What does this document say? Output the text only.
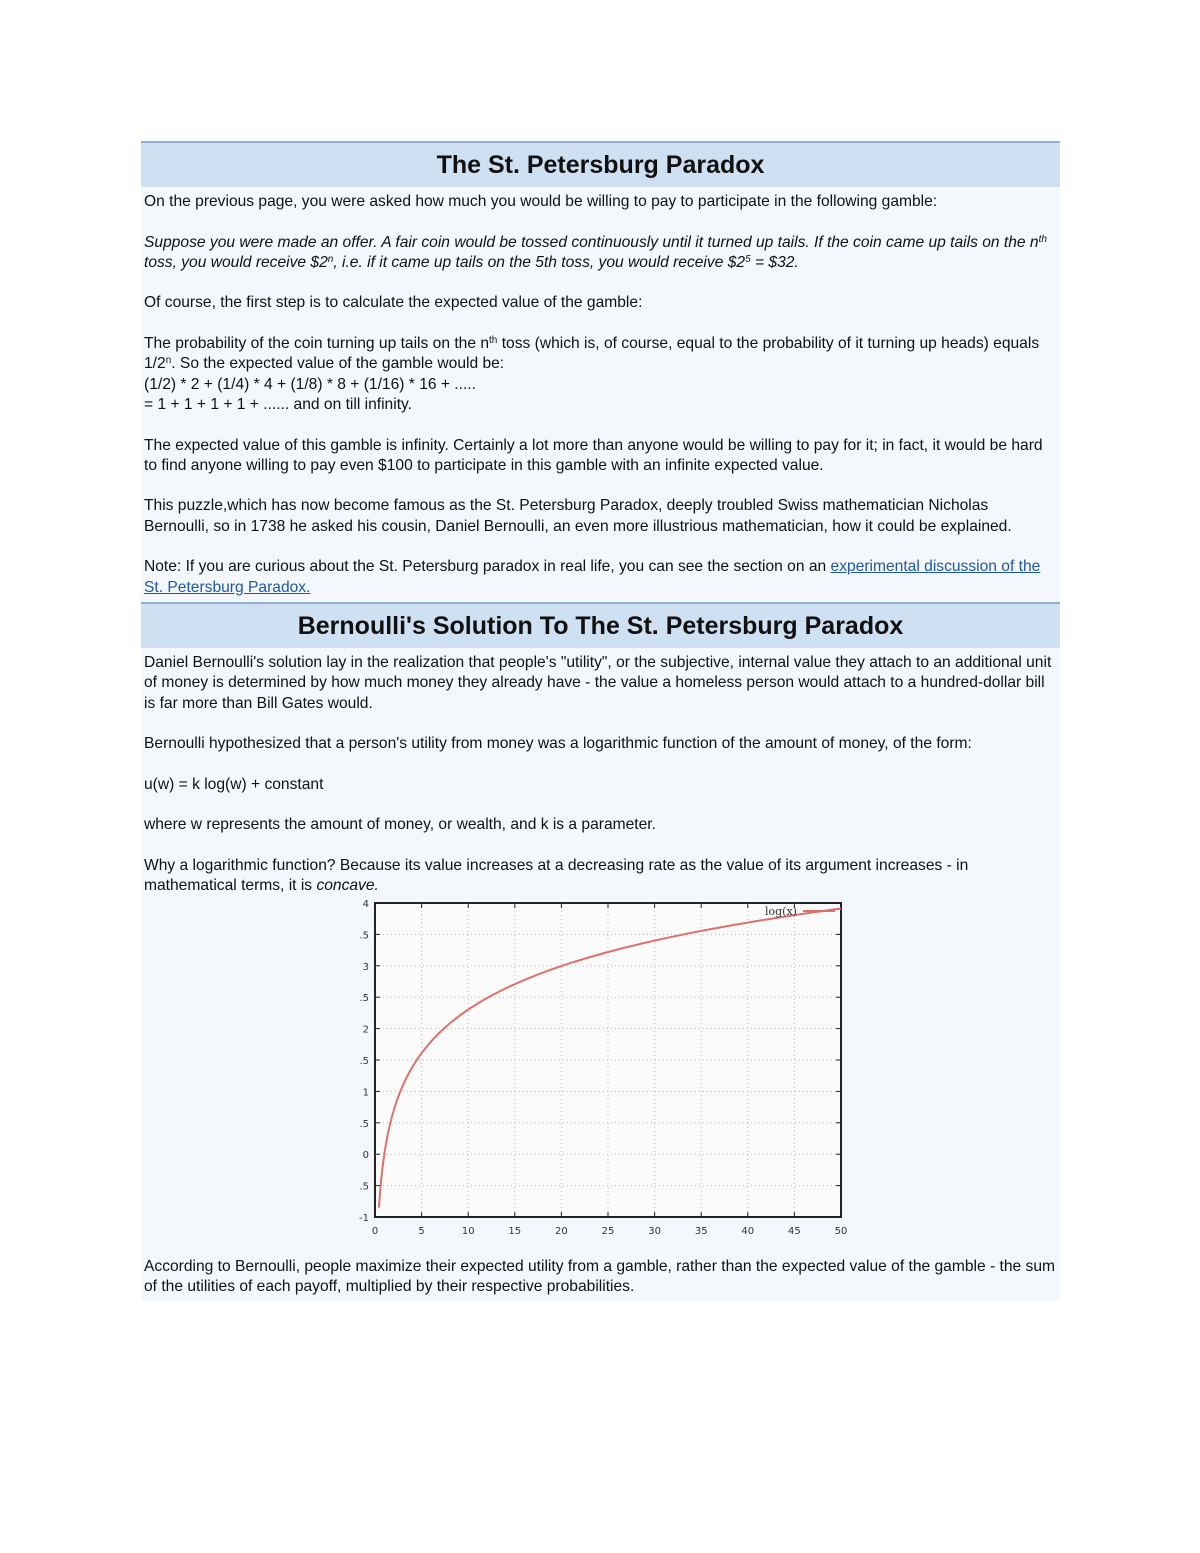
The St. Petersburg Paradox

On the previous page, you were asked how much you would be willing to pay to participate in the following gamble:

Suppose you were made an offer. A fair coin would be tossed continuously until it turned up tails. If the coin came up tails on the $n^{th}$ toss, you would receive $2$^n$, i.e. if it came up tails on the 5th toss, you would receive $\$2^5$ = $32.

Of course, the first step is to calculate the expected value of the gamble:

The probability of the coin turning up tails on the $n^{th}$ toss (which is, of course, equal to the probability of it turning up heads) equals 1/2$^n$. So the expected value of the gamble would be:

(1/2) * 2 + (1/4) * 4 + (1/8) * 8 + (1/16) * 16 + .....

= 1 + 1 + 1 + 1 + ...... and on till infinity.

The expected value of this gamble is infinity. Certainly a lot more than anyone would be willing to pay for it; in fact, it would be hard to find anyone willing to pay even $100 to participate in this gamble with an infinite expected value.

This puzzle,which has now become famous as the St. Petersburg Paradox, deeply troubled Swiss mathematician Nicholas Bernoulli, so in 1738 he asked his cousin, Daniel Bernoulli, an even more illustrious mathematician, how it could be explained.

Note: If you are curious about the St. Petersburg paradox in real life, you can see the section on an experimental discussion of the St. Petersburg Paradox.

Bernoulli's Solution To The St. Petersburg Paradox

Daniel Bernoulli's solution lay in the realization that people's "utility", or the subjective, internal value they attach to an additional unit of money is determined by how much money they already have - the value a homeless person would attach to a hundred-dollar bill is far more than Bill Gates would.

Bernoulli hypothesized that a person's utility from money was a logarithmic function of the amount of money, of the form:

u(w) = k log(w) + constant

where w represents the amount of money, or wealth, and k is a parameter.

Why a logarithmic function? Because its value increases at a decreasing rate as the value of its argument increases - in mathematical terms, it is concave.

0	5	10	15	20	25	30	35	40	45	50
-1
.5
0
.5
1
.5
2
.5
3
.5
4
log(x)

According to Bernoulli, people maximize their expected utility from a gamble, rather than the expected value of the gamble - the sum of the utilities of each payoff, multiplied by their respective probabilities.
